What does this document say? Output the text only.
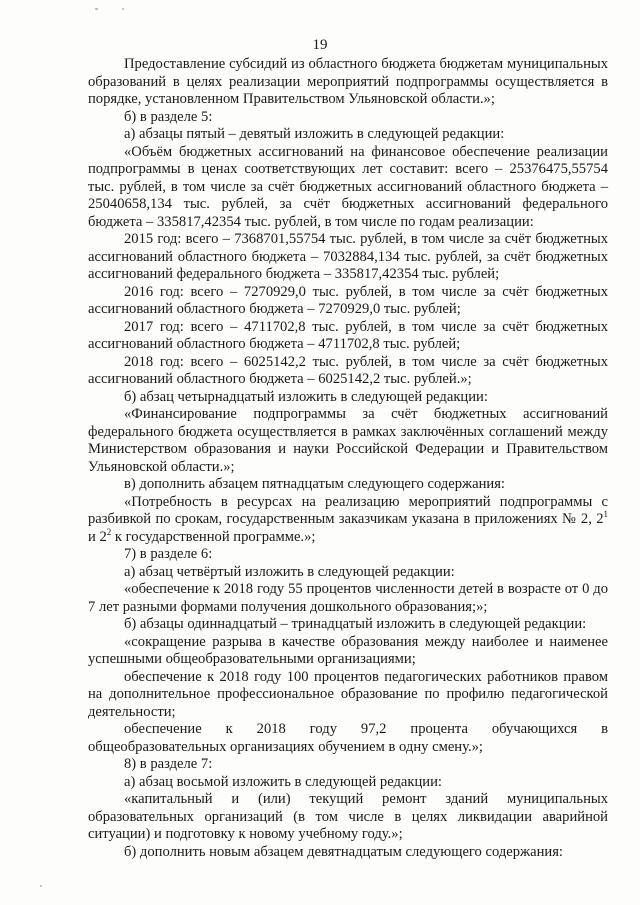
19

Предоставление субсидий из областного бюджета бюджетам муниципальных образований в целях реализации мероприятий подпрограммы осуществляется в порядке, установленном Правительством Ульяновской области.»;

б) в разделе 5:

а) абзацы пятый – девятый изложить в следующей редакции:

«Объём бюджетных ассигнований на финансовое обеспечение реализации подпрограммы в ценах соответствующих лет составит: всего – 25376475,55754 тыс. рублей, в том числе за счёт бюджетных ассигнований областного бюджета – 25040658,134 тыс. рублей, за счёт бюджетных ассигнований федерального бюджета – 335817,42354 тыс. рублей, в том числе по годам реализации:

2015 год: всего – 7368701,55754 тыс. рублей, в том числе за счёт бюджетных ассигнований областного бюджета – 7032884,134 тыс. рублей, за счёт бюджетных ассигнований федерального бюджета – 335817,42354 тыс. рублей;

2016 год: всего – 7270929,0 тыс. рублей, в том числе за счёт бюджетных ассигнований областного бюджета – 7270929,0 тыс. рублей;

2017 год: всего – 4711702,8 тыс. рублей, в том числе за счёт бюджетных ассигнований областного бюджета – 4711702,8 тыс. рублей;

2018 год: всего – 6025142,2 тыс. рублей, в том числе за счёт бюджетных ассигнований областного бюджета – 6025142,2 тыс. рублей.»;

б) абзац четырнадцатый изложить в следующей редакции:

«Финансирование подпрограммы за счёт бюджетных ассигнований федерального бюджета осуществляется в рамках заключённых соглашений между Министерством образования и науки Российской Федерации и Правительством Ульяновской области.»;

в) дополнить абзацем пятнадцатым следующего содержания:

«Потребность в ресурсах на реализацию мероприятий подпрограммы с разбивкой по срокам, государственным заказчикам указана в приложениях № 2, $2^1$ и $2^2$ к государственной программе.»;

7) в разделе 6:

а) абзац четвёртый изложить в следующей редакции:

«обеспечение к 2018 году 55 процентов численности детей в возрасте от 0 до 7 лет разными формами получения дошкольного образования;»;

б) абзацы одиннадцатый – тринадцатый изложить в следующей редакции:

«сокращение разрыва в качестве образования между наиболее и наименее успешными общеобразовательными организациями;

обеспечение к 2018 году 100 процентов педагогических работников правом на дополнительное профессиональное образование по профилю педагогической деятельности;

обеспечение к 2018 году 97,2 процента обучающихся в общеобразовательных организациях обучением в одну смену.»;

8) в разделе 7:

а) абзац восьмой изложить в следующей редакции:

«капитальный и (или) текущий ремонт зданий муниципальных образовательных организаций (в том числе в целях ликвидации аварийной ситуации) и подготовку к новому учебному году.»;

б) дополнить новым абзацем девятнадцатым следующего содержания:
